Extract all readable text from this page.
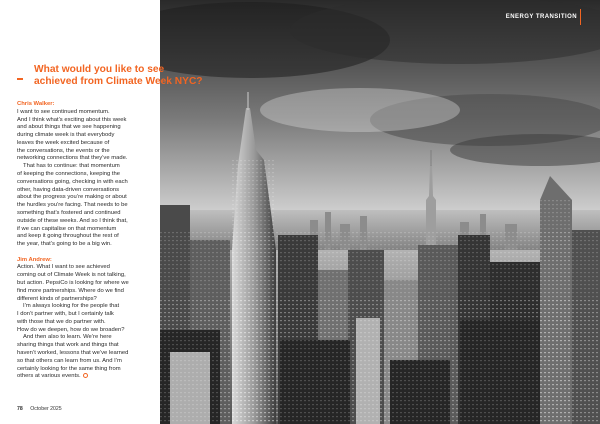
ENERGY TRANSITION
What would you like to see
achieved from Climate Week NYC?
Chris Walker:

I want to see continued momentum.
And I think what’s exciting about this week
and about things that we see happening
during climate week is that everybody
leaves the week excited because of
the conversations, the events or the
networking connections that they’ve made.

That has to continue: that momentum
of keeping the connections, keeping the
conversations going, checking in with each
other, having data-driven conversations
about the progress you’re making or about
the hurdles you’re facing. That needs to be
something that’s fostered and continued
outside of these weeks. And so I think that,
if we can capitalise on that momentum
and keep it going throughout the rest of
the year, that’s going to be a big win.

Jim Andrew:

Action. What I want to see achieved
coming out of Climate Week is not talking,
but action. PepsiCo is looking for where we
find more partnerships. Where do we find
different kinds of partnerships?

I’m always looking for the people that
I don’t partner with, but I certainly talk
with those that we do partner with.
How do we deepen, how do we broaden?

And then also to learn. We’re here
sharing things that work and things that
haven’t worked, lessons that we’ve learned
so that others can learn from us. And I’m
certainly looking for the same thing from
others at various events.

78 October 2025
